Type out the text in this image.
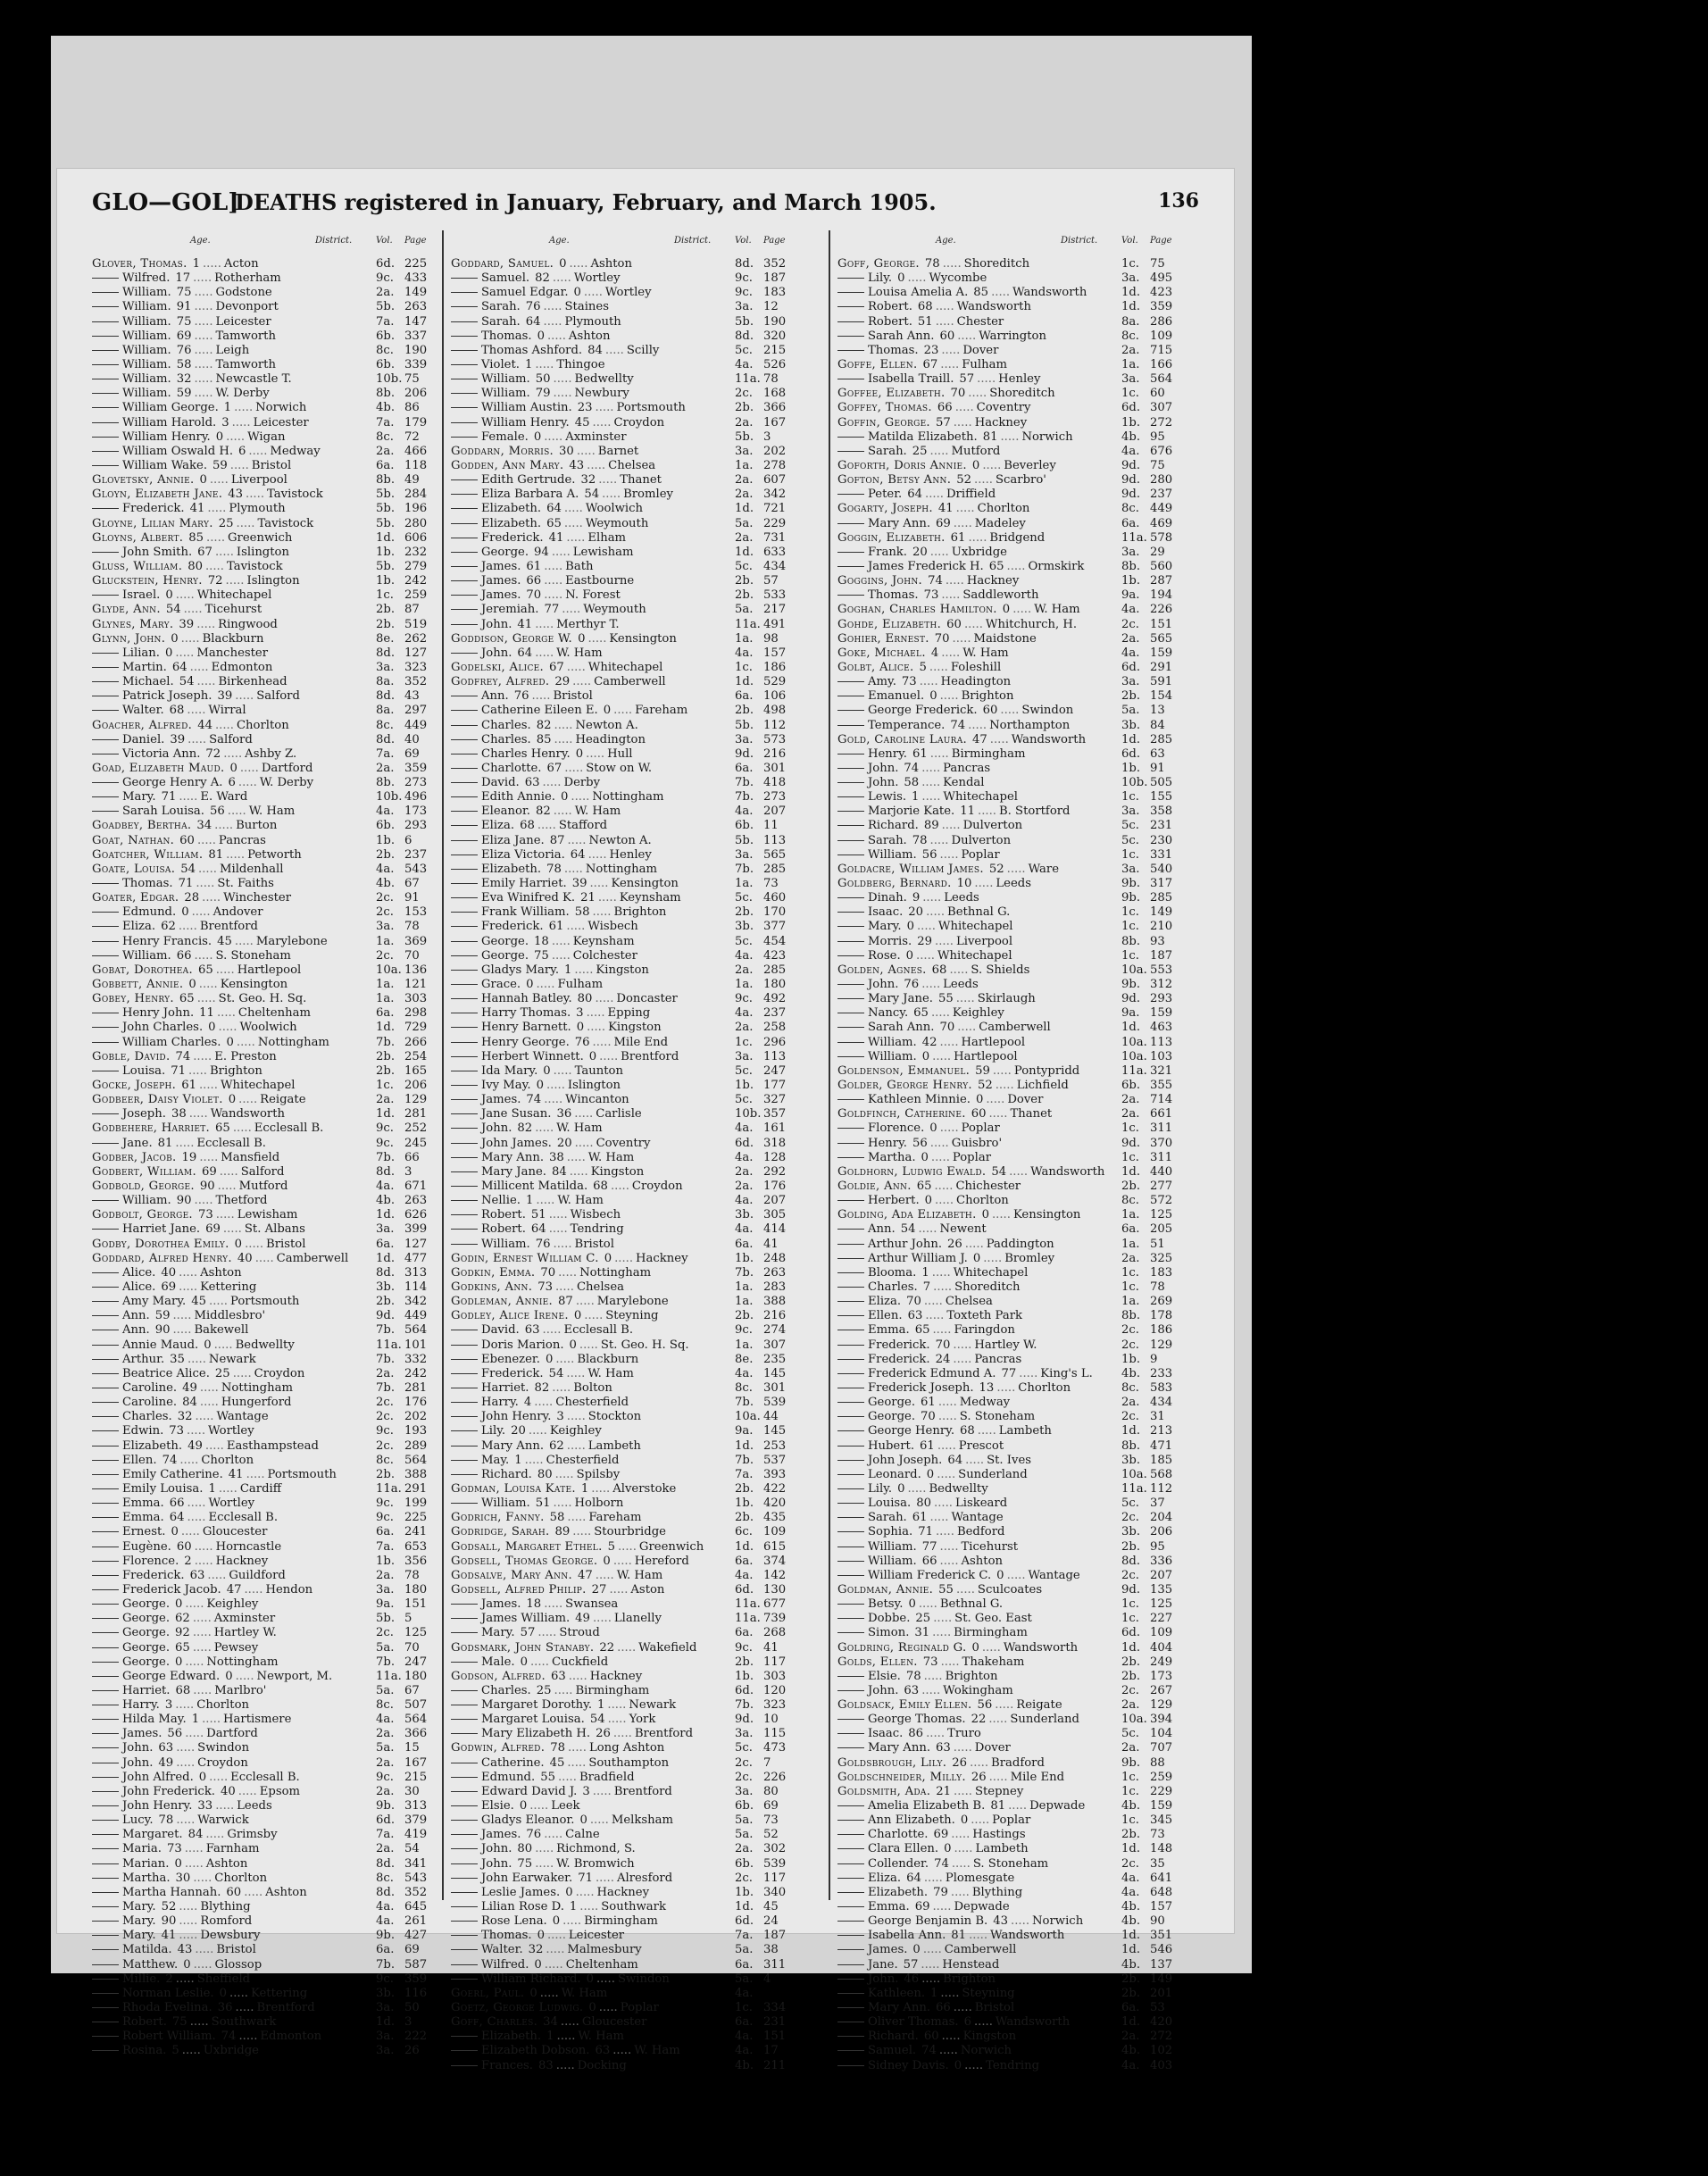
GLO—GOL]
DEATHS registered in January, February, and March 1905.	136
Age.	District.	Vol. Page	Age.	District.	Vol. Page	Age.	District.	Vol. Page
Glover, Thomas. 1 ..... Acton	6d. 225
Wilfred. 17 ..... Rotherham	9c. 433
William. 75 ..... Godstone	2a. 149
William. 91 ..... Devonport	5b. 263
William. 75 ..... Leicester	7a. 147
William. 69 ..... Tamworth	6b. 337
William. 76 ..... Leigh	8c. 190
William. 58 ..... Tamworth	6b. 339
William. 32 ..... Newcastle T.	10b. 75
William. 59 ..... W. Derby	8b. 206
William George. 1 ..... Norwich	4b. 86
William Harold. 3 ..... Leicester	7a. 179
William Henry. 0 ..... Wigan	8c. 72
William Oswald H. 6 ..... Medway	2a. 466
William Wake. 59 ..... Bristol	6a. 118
Glovetsky, Annie. 0 ..... Liverpool	8b. 49
Gloyn, Elizabeth Jane. 43 ..... Tavistock	5b. 284
Frederick. 41 ..... Plymouth	5b. 196
Gloyne, Lilian Mary. 25 ..... Tavistock	5b. 280
Gloyns, Albert. 85 ..... Greenwich	1d. 606
John Smith. 67 ..... Islington	1b. 232
Gluss, William. 80 ..... Tavistock	5b. 279
Gluckstein, Henry. 72 ..... Islington	1b. 242
Israel. 0 ..... Whitechapel	1c. 259
Glyde, Ann. 54 ..... Ticehurst	2b. 87
Glynes, Mary. 39 ..... Ringwood	2b. 519
Glynn, John. 0 ..... Blackburn	8e. 262
Lilian. 0 ..... Manchester	8d. 127
Martin. 64 ..... Edmonton	3a. 323
Michael. 54 ..... Birkenhead	8a. 352
Patrick Joseph. 39 ..... Salford	8d. 43
Walter. 68 ..... Wirral	8a. 297
Goacher, Alfred. 44 ..... Chorlton	8c. 449
Daniel. 39 ..... Salford	8d. 40
Victoria Ann. 72 ..... Ashby Z.	7a. 69
Goad, Elizabeth Maud. 0 ..... Dartford	2a. 359
George Henry A. 6 ..... W. Derby	8b. 273
Mary. 71 ..... E. Ward	10b. 496
Sarah Louisa. 56 ..... W. Ham	4a. 173
Goadbey, Bertha. 34 ..... Burton	6b. 293
Goat, Nathan. 60 ..... Pancras	1b. 6
Goatcher, William. 81 ..... Petworth	2b. 237
Goate, Louisa. 54 ..... Mildenhall	4a. 543
Thomas. 71 ..... St. Faiths	4b. 67
Goater, Edgar. 28 ..... Winchester	2c. 91
Edmund. 0 ..... Andover	2c. 153
Eliza. 62 ..... Brentford	3a. 78
Henry Francis. 45 ..... Marylebone	1a. 369
William. 66 ..... S. Stoneham	2c. 70
Gobat, Dorothea. 65 ..... Hartlepool	10a. 136
Gobbett, Annie. 0 ..... Kensington	1a. 121
Gobey, Henry. 65 ..... St. Geo. H. Sq.	1a. 303
Henry John. 11 ..... Cheltenham	6a. 298
John Charles. 0 ..... Woolwich	1d. 729
William Charles. 0 ..... Nottingham	7b. 266
Goble, David. 74 ..... E. Preston	2b. 254
Louisa. 71 ..... Brighton	2b. 165
Gocke, Joseph. 61 ..... Whitechapel	1c. 206
Godbeer, Daisy Violet. 0 ..... Reigate	2a. 129
Joseph. 38 ..... Wandsworth	1d. 281
Godbehere, Harriet. 65 ..... Ecclesall B.	9c. 252
Jane. 81 ..... Ecclesall B.	9c. 245
Godber, Jacob. 19 ..... Mansfield	7b. 66
Godbert, William. 69 ..... Salford	8d. 3
Godbold, George. 90 ..... Mutford	4a. 671
William. 90 ..... Thetford	4b. 263
Godbolt, George. 73 ..... Lewisham	1d. 626
Harriet Jane. 69 ..... St. Albans	3a. 399
Godby, Dorothea Emily. 0 ..... Bristol	6a. 127
Goddard, Alfred Henry. 40 ..... Camberwell 1d. 477
Alice. 40 ..... Ashton	8d. 313
Alice. 69 ..... Kettering	3b. 114
Amy Mary. 45 ..... Portsmouth	2b. 342
Ann. 59 ..... Middlesbro'	9d. 449
Ann. 90 ..... Bakewell	7b. 564
Annie Maud. 0 ..... Bedwellty	11a. 101
Arthur. 35 ..... Newark	7b. 332
Beatrice Alice. 25 ..... Croydon	2a. 242
Caroline. 49 ..... Nottingham	7b. 281
Caroline. 84 ..... Hungerford	2c. 176
Charles. 32 ..... Wantage	2c. 202
Edwin. 73 ..... Wortley	9c. 193
Elizabeth. 49 ..... Easthampstead	2c. 289
Ellen. 74 ..... Chorlton	8c. 564
Emily Catherine. 41 ..... Portsmouth	2b. 388
Emily Louisa. 1 ..... Cardiff	11a. 291
Emma. 66 ..... Wortley	9c. 199
Emma. 64 ..... Ecclesall B.	9c. 225
Ernest. 0 ..... Gloucester	6a. 241
Eugène. 60 ..... Horncastle	7a. 653
Florence. 2 ..... Hackney	1b. 356
Frederick. 63 ..... Guildford	2a. 78
Frederick Jacob. 47 ..... Hendon	3a. 180
George. 0 ..... Keighley	9a. 151
George. 62 ..... Axminster	5b. 5
George. 92 ..... Hartley W.	2c. 125
George. 65 ..... Pewsey	5a. 70
George. 0 ..... Nottingham	7b. 247
George Edward. 0 ..... Newport, M.	11a. 180
Harriet. 68 ..... Marlbro'	5a. 67
Harry. 3 ..... Chorlton	8c. 507
Hilda May. 1 ..... Hartismere	4a. 564
James. 56 ..... Dartford	2a. 366
John. 63 ..... Swindon	5a. 15
John. 49 ..... Croydon	2a. 167
John Alfred. 0 ..... Ecclesall B.	9c. 215
John Frederick. 40 ..... Epsom	2a. 30
John Henry. 33 ..... Leeds	9b. 313
Lucy. 78 ..... Warwick	6d. 379
Margaret. 84 ..... Grimsby	7a. 419
Maria. 73 ..... Farnham	2a. 54
Marian. 0 ..... Ashton	8d. 341
Martha. 30 ..... Chorlton	8c. 543
Martha Hannah. 60 ..... Ashton	8d. 352
Mary. 52 ..... Blything	4a. 645
Mary. 90 ..... Romford	4a. 261
Mary. 41 ..... Dewsbury	9b. 427
Matilda. 43 ..... Bristol	6a. 69
Matthew. 0 ..... Glossop	7b. 587
Millie. 2 ..... Sheffield	9c. 359
Norman Leslie. 0 ..... Kettering	3b. 116
Rhoda Evelina. 36 ..... Brentford	3a. 50
Robert. 75 ..... Southwark	1d. 3
Robert William. 74 ..... Edmonton	3a. 222
Rosina. 5 ..... Uxbridge	3a. 26
Goddard, Samuel. 0 ..... Ashton	8d. 352
Samuel. 82 ..... Wortley	9c. 187
Samuel Edgar. 0 ..... Wortley	9c. 183
Sarah. 76 ..... Staines	3a. 12
Sarah. 64 ..... Plymouth	5b. 190
Thomas. 0 ..... Ashton	8d. 320
Thomas Ashford. 84 ..... Scilly	5c. 215
Violet. 1 ..... Thingoe	4a. 526
William. 50 ..... Bedwellty	11a. 78
William. 79 ..... Newbury	2c. 168
William Austin. 23 ..... Portsmouth	2b. 366
William Henry. 45 ..... Croydon	2a. 167
Female. 0 ..... Axminster	5b. 3
Goddarn, Morris. 30 ..... Barnet	3a. 202
Godden, Ann Mary. 43 ..... Chelsea	1a. 278
Edith Gertrude. 32 ..... Thanet	2a. 607
Eliza Barbara A. 54 ..... Bromley	2a. 342
Elizabeth. 64 ..... Woolwich	1d. 721
Elizabeth. 65 ..... Weymouth	5a. 229
Frederick. 41 ..... Elham	2a. 731
George. 94 ..... Lewisham	1d. 633
James. 61 ..... Bath	5c. 434
James. 66 ..... Eastbourne	2b. 57
James. 70 ..... N. Forest	2b. 533
Jeremiah. 77 ..... Weymouth	5a. 217
John. 41 ..... Merthyr T.	11a. 491
Goddison, George W. 0 ..... Kensington	1a. 98
John. 64 ..... W. Ham	4a. 157
Godelski, Alice. 67 ..... Whitechapel	1c. 186
Godfrey, Alfred. 29 ..... Camberwell	1d. 529
Ann. 76 ..... Bristol	6a. 106
Catherine Eileen E. 0 ..... Fareham	2b. 498
Charles. 82 ..... Newton A.	5b. 112
Charles. 85 ..... Headington	3a. 573
Charles Henry. 0 ..... Hull	9d. 216
Charlotte. 67 ..... Stow on W.	6a. 301
David. 63 ..... Derby	7b. 418
Edith Annie. 0 ..... Nottingham	7b. 273
Eleanor. 82 ..... W. Ham	4a. 207
Eliza. 68 ..... Stafford	6b. 11
Eliza Jane. 87 ..... Newton A.	5b. 113
Eliza Victoria. 64 ..... Henley	3a. 565
Elizabeth. 78 ..... Nottingham	7b. 285
Emily Harriet. 39 ..... Kensington	1a. 73
Eva Winifred K. 21 ..... Keynsham	5c. 460
Frank William. 58 ..... Brighton	2b. 170
Frederick. 61 ..... Wisbech	3b. 377
George. 18 ..... Keynsham	5c. 454
George. 75 ..... Colchester	4a. 423
Gladys Mary. 1 ..... Kingston	2a. 285
Grace. 0 ..... Fulham	1a. 180
Hannah Batley. 80 ..... Doncaster	9c. 492
Harry Thomas. 3 ..... Epping	4a. 237
Henry Barnett. 0 ..... Kingston	2a. 258
Henry George. 76 ..... Mile End	1c. 296
Herbert Winnett. 0 ..... Brentford	3a. 113
Ida Mary. 0 ..... Taunton	5c. 247
Ivy May. 0 ..... Islington	1b. 177
James. 74 ..... Wincanton	5c. 327
Jane Susan. 36 ..... Carlisle	10b. 357
John. 82 ..... W. Ham	4a. 161
John James. 20 ..... Coventry	6d. 318
Mary Ann. 38 ..... W. Ham	4a. 128
Mary Jane. 84 ..... Kingston	2a. 292
Millicent Matilda. 68 ..... Croydon	2a. 176
Nellie. 1 ..... W. Ham	4a. 207
Robert. 51 ..... Wisbech	3b. 305
Robert. 64 ..... Tendring	4a. 414
William. 76 ..... Bristol	6a. 41
Godin, Ernest William C. 0 ..... Hackney	1b. 248
Godkin, Emma. 70 ..... Nottingham	7b. 263
Godkins, Ann. 73 ..... Chelsea	1a. 283
Godleman, Annie. 87 ..... Marylebone	1a. 388
Godley, Alice Irene. 0 ..... Steyning	2b. 216
David. 63 ..... Ecclesall B.	9c. 274
Doris Marion. 0 ..... St. Geo. H. Sq.	1a. 307
Ebenezer. 0 ..... Blackburn	8e. 235
Frederick. 54 ..... W. Ham	4a. 145
Harriet. 82 ..... Bolton	8c. 301
Harry. 4 ..... Chesterfield	7b. 539
John Henry. 3 ..... Stockton	10a. 44
Lily. 20 ..... Keighley	9a. 145
Mary Ann. 62 ..... Lambeth	1d. 253
May. 1 ..... Chesterfield	7b. 537
Richard. 80 ..... Spilsby	7a. 393
Godman, Louisa Kate. 1 ..... Alverstoke	2b. 422
William. 51 ..... Holborn	1b. 420
Godrich, Fanny. 58 ..... Fareham	2b. 435
Godridge, Sarah. 89 ..... Stourbridge	6c. 109
Godsall, Margaret Ethel. 5 ..... Greenwich	1d. 615
Godsell, Thomas George. 0 ..... Hereford	6a. 374
Godsalve, Mary Ann. 47 ..... W. Ham	4a. 142
Godsell, Alfred Philip. 27 ..... Aston	6d. 130
James. 18 ..... Swansea	11a. 677
James William. 49 ..... Llanelly	11a. 739
Mary. 57 ..... Stroud	6a. 268
Godsmark, John Stanaby. 22 ..... Wakefield	9c. 41
Male. 0 ..... Cuckfield	2b. 117
Godson, Alfred. 63 ..... Hackney	1b. 303
Charles. 25 ..... Birmingham	6d. 120
Margaret Dorothy. 1 ..... Newark	7b. 323
Margaret Louisa. 54 ..... York	9d. 10
Mary Elizabeth H. 26 ..... Brentford	3a. 115
Godwin, Alfred. 78 ..... Long Ashton	5c. 473
Catherine. 45 ..... Southampton	2c. 7
Edmund. 55 ..... Bradfield	2c. 226
Edward David J. 3 ..... Brentford	3a. 80
Elsie. 0 ..... Leek	6b. 69
Gladys Eleanor. 0 ..... Melksham	5a. 73
James. 76 ..... Calne	5a. 52
John. 80 ..... Richmond, S.	2a. 302
John. 75 ..... W. Bromwich	6b. 539
John Earwaker. 71 ..... Alresford	2c. 117
Leslie James. 0 ..... Hackney	1b. 340
Lilian Rose D. 1 ..... Southwark	1d. 45
Rose Lena. 0 ..... Birmingham	6d. 24
Thomas. 0 ..... Leicester	7a. 187
Walter. 32 ..... Malmesbury	5a. 38
Wilfred. 0 ..... Cheltenham	6a. 311
William Richard. 0 ..... Swindon	5a. 4
Goerl, Paul. 0 ..... W. Ham	4a.
Goetz, George Ludwig. 0 ..... Poplar	1c. 334
Goff, Charles. 34 ..... Gloucester	6a. 231
Elizabeth. 1 ..... W. Ham	4a. 151
Elizabeth Dobson. 63 ..... W. Ham	4a. 17
Frances. 83 ..... Docking	4b. 211
Goff, George. 78 ..... Shoreditch	1c. 75
Lily. 0 ..... Wycombe	3a. 495
Louisa Amelia A. 85 ..... Wandsworth	1d. 423
Robert. 68 ..... Wandsworth	1d. 359
Robert. 51 ..... Chester	8a. 286
Sarah Ann. 60 ..... Warrington	8c. 109
Thomas. 23 ..... Dover	2a. 715
Goffe, Ellen. 67 ..... Fulham	1a. 166
Isabella Traill. 57 ..... Henley	3a. 564
Goffee, Elizabeth. 70 ..... Shoreditch	1c. 60
Goffey, Thomas. 66 ..... Coventry	6d. 307
Goffin, George. 57 ..... Hackney	1b. 272
Matilda Elizabeth. 81 ..... Norwich	4b. 95
Sarah. 25 ..... Mutford	4a. 676
Goforth, Doris Annie. 0 ..... Beverley	9d. 75
Gofton, Betsy Ann. 52 ..... Scarbro'	9d. 280
Peter. 64 ..... Driffield	9d. 237
Gogarty, Joseph. 41 ..... Chorlton	8c. 449
Mary Ann. 69 ..... Madeley	6a. 469
Goggin, Elizabeth. 61 ..... Bridgend	11a. 578
Frank. 20 ..... Uxbridge	3a. 29
James Frederick H. 65 ..... Ormskirk	8b. 560
Goggins, John. 74 ..... Hackney	1b. 287
Thomas. 73 ..... Saddleworth	9a. 194
Goghan, Charles Hamilton. 0 ..... W. Ham	4a. 226
Gohde, Elizabeth. 60 ..... Whitchurch, H.	2c. 151
Gohier, Ernest. 70 ..... Maidstone	2a. 565
Goke, Michael. 4 ..... W. Ham	4a. 159
Golbt, Alice. 5 ..... Foleshill	6d. 291
Amy. 73 ..... Headington	3a. 591
Emanuel. 0 ..... Brighton	2b. 154
George Frederick. 60 ..... Swindon	5a. 13
Temperance. 74 ..... Northampton	3b. 84
Gold, Caroline Laura. 47 ..... Wandsworth	1d. 285
Henry. 61 ..... Birmingham	6d. 63
John. 74 ..... Pancras	1b. 91
John. 58 ..... Kendal	10b. 505
Lewis. 1 ..... Whitechapel	1c. 155
Marjorie Kate. 11 ..... B. Stortford	3a. 358
Richard. 89 ..... Dulverton	5c. 231
Sarah. 78 ..... Dulverton	5c. 230
William. 56 ..... Poplar	1c. 331
Goldacre, William James. 52 ..... Ware	3a. 540
Goldberg, Bernard. 10 ..... Leeds	9b. 317
Dinah. 9 ..... Leeds	9b. 285
Isaac. 20 ..... Bethnal G.	1c. 149
Mary. 0 ..... Whitechapel	1c. 210
Morris. 29 ..... Liverpool	8b. 93
Rose. 0 ..... Whitechapel	1c. 187
Golden, Agnes. 68 ..... S. Shields	10a. 553
John. 76 ..... Leeds	9b. 312
Mary Jane. 55 ..... Skirlaugh	9d. 293
Nancy. 65 ..... Keighley	9a. 159
Sarah Ann. 70 ..... Camberwell	1d. 463
William. 42 ..... Hartlepool	10a. 113
William. 0 ..... Hartlepool	10a. 103
Goldenson, Emmanuel. 59 ..... Pontypridd	11a. 321
Golder, George Henry. 52 ..... Lichfield	6b. 355
Kathleen Minnie. 0 ..... Dover	2a. 714
Goldfinch, Catherine. 60 ..... Thanet	2a. 661
Florence. 0 ..... Poplar	1c. 311
Henry. 56 ..... Guisbro'	9d. 370
Martha. 0 ..... Poplar	1c. 311
Goldhorn, Ludwig Ewald. 54 ..... Wandsworth 1d. 440
Goldie, Ann. 65 ..... Chichester	2b. 277
Herbert. 0 ..... Chorlton	8c. 572
Golding, Ada Elizabeth. 0 ..... Kensington	1a. 125
Ann. 54 ..... Newent	6a. 205
Arthur John. 26 ..... Paddington	1a. 51
Arthur William J. 0 ..... Bromley	2a. 325
Blooma. 1 ..... Whitechapel	1c. 183
Charles. 7 ..... Shoreditch	1c. 78
Eliza. 70 ..... Chelsea	1a. 269
Ellen. 63 ..... Toxteth Park	8b. 178
Emma. 65 ..... Faringdon	2c. 186
Frederick. 70 ..... Hartley W.	2c. 129
Frederick. 24 ..... Pancras	1b. 9
Frederick Edmund A. 77 ..... King's L. 4b. 233
Frederick Joseph. 13 ..... Chorlton	8c. 583
George. 61 ..... Medway	2a. 434
George. 70 ..... S. Stoneham	2c. 31
George Henry. 68 ..... Lambeth	1d. 213
Hubert. 61 ..... Prescot	8b. 471
John Joseph. 64 ..... St. Ives	3b. 185
Leonard. 0 ..... Sunderland	10a. 568
Lily. 0 ..... Bedwellty	11a. 112
Louisa. 80 ..... Liskeard	5c. 37
Sarah. 61 ..... Wantage	2c. 204
Sophia. 71 ..... Bedford	3b. 206
William. 77 ..... Ticehurst	2b. 95
William. 66 ..... Ashton	8d. 336
William Frederick C. 0 ..... Wantage	2c. 207
Goldman, Annie. 55 ..... Sculcoates	9d. 135
Betsy. 0 ..... Bethnal G.	1c. 125
Dobbe. 25 ..... St. Geo. East	1c. 227
Simon. 31 ..... Birmingham	6d. 109
Goldring, Reginald G. 0 ..... Wandsworth	1d. 404
Golds, Ellen. 73 ..... Thakeham	2b. 249
Elsie. 78 ..... Brighton	2b. 173
John. 63 ..... Wokingham	2c. 267
Goldsack, Emily Ellen. 56 ..... Reigate	2a. 129
George Thomas. 22 ..... Sunderland	10a. 394
Isaac. 86 ..... Truro	5c. 104
Mary Ann. 63 ..... Dover	2a. 707
Goldsbrough, Lily. 26 ..... Bradford	9b. 88
Goldschneider, Milly. 26 ..... Mile End	1c. 259
Goldsmith, Ada. 21 ..... Stepney	1c. 229
Amelia Elizabeth B. 81 ..... Depwade	4b. 159
Ann Elizabeth. 0 ..... Poplar	1c. 345
Charlotte. 69 ..... Hastings	2b. 73
Clara Ellen. 0 ..... Lambeth	1d. 148
Collender. 74 ..... S. Stoneham	2c. 35
Eliza. 64 ..... Plomesgate	4a. 641
Elizabeth. 79 ..... Blything	4a. 648
Emma. 69 ..... Depwade	4b. 157
George Benjamin B. 43 ..... Norwich	4b. 90
Isabella Ann. 81 ..... Wandsworth	1d. 351
James. 0 ..... Camberwell	1d. 546
Jane. 57 ..... Henstead	4b. 137
John. 46 ..... Brighton	2b. 149
Kathleen. 1 ..... Steyning	2b. 201
Mary Ann. 66 ..... Bristol	6a. 53
Oliver Thomas. 6 ..... Wandsworth	1d. 420
Richard. 60 ..... Kingston	2a. 272
Samuel. 74 ..... Norwich	4b. 102
Sidney Davis. 0 ..... Tendring	4a. 403
